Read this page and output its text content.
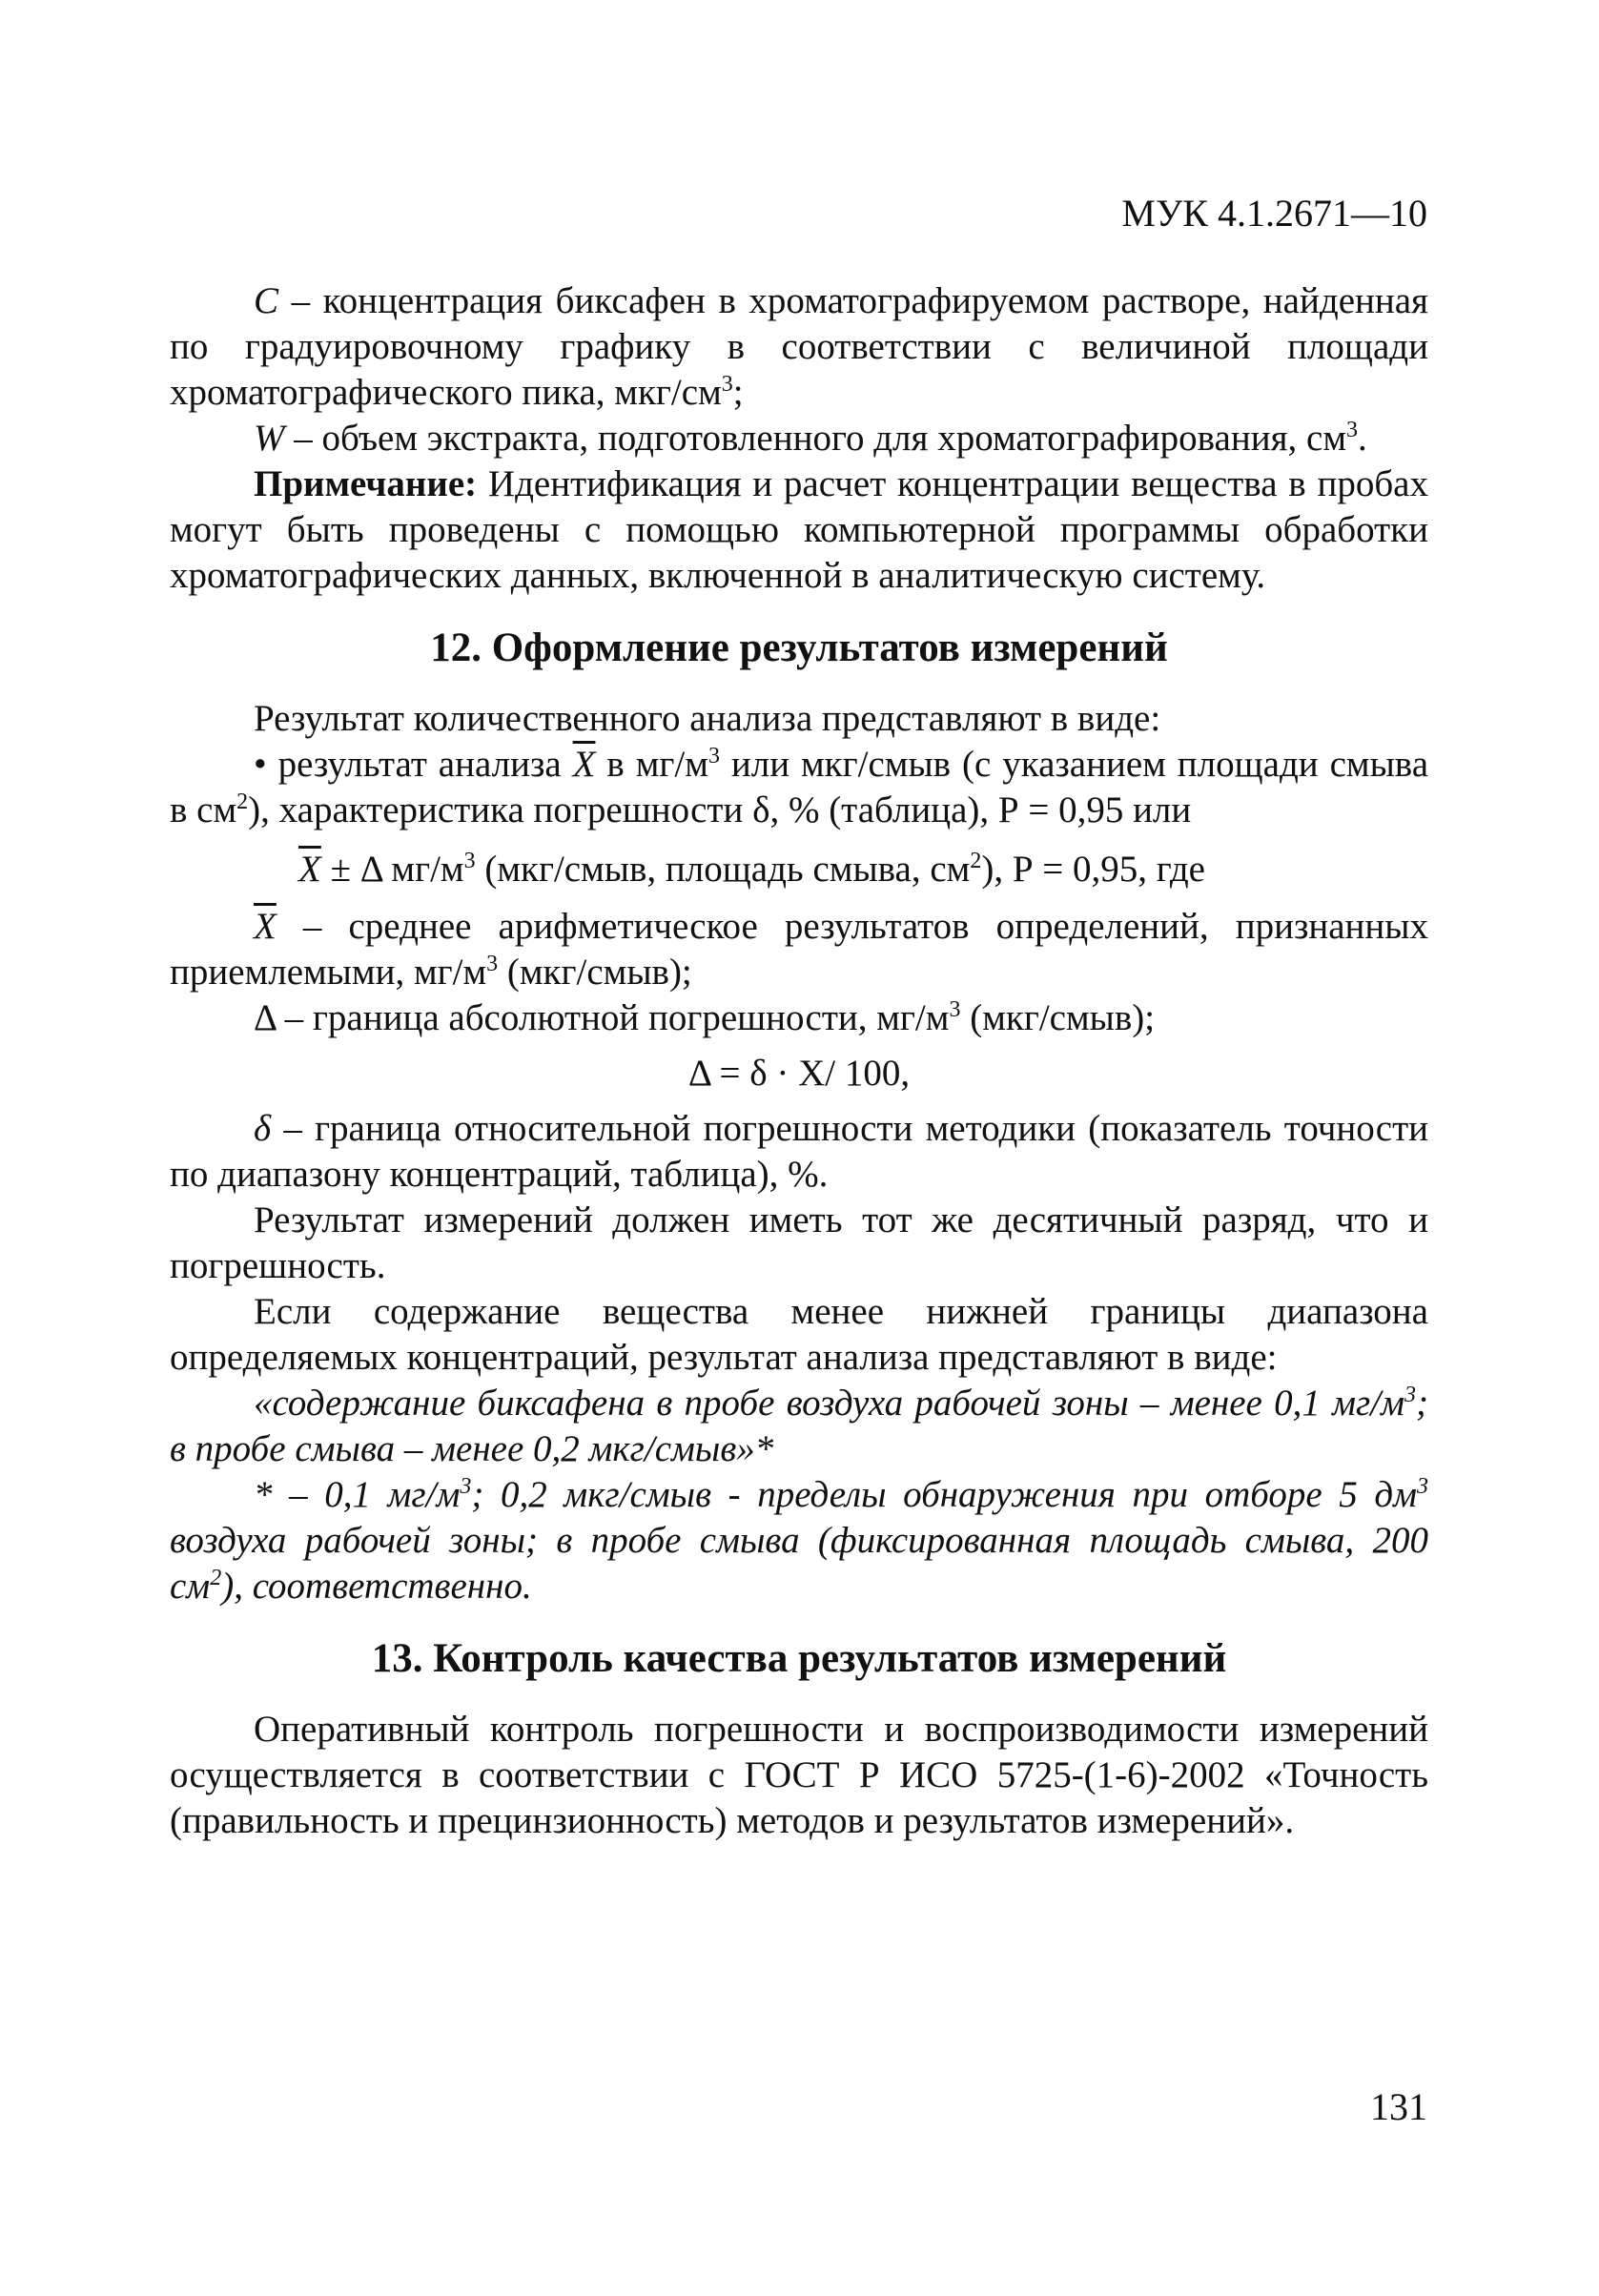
МУК 4.1.2671—10

C – концентрация биксафен в хроматографируемом растворе, найденная по градуировочному графику в соответствии с величиной площади хроматографического пика, мкг/$см^3$;

W – объем экстракта, подготовленного для хроматографирования, $см^3$.

Примечание: Идентификация и расчет концентрации вещества в пробах могут быть проведены с помощью компьютерной программы обработки хроматографических данных, включенной в аналитическую систему.

12. Оформление результатов измерений

Результат количественного анализа представляют в виде:

• результат анализа $\overline{X}$ в $мг/м^3$ или мкг/смыв (с указанием площади смыва в $см^2$), характеристика погрешности δ, % (таблица), Р = 0,95 или

$\overline{X} \pm \Delta$ $мг/м^3$ (мкг/смыв, площадь смыва, $см^2$), Р = 0,95, где

$\overline{X}$ – среднее арифметическое результатов определений, признанных приемлемыми, $мг/м^3$ (мкг/смыв);

Δ – граница абсолютной погрешности, $мг/м^3$ (мкг/смыв);

Δ = δ · X/ 100,

δ – граница относительной погрешности методики (показатель точности по диапазону концентраций, таблица), %.

Результат измерений должен иметь тот же десятичный разряд, что и погрешность.

Если содержание вещества менее нижней границы диапазона определяемых концентраций, результат анализа представляют в виде:

«содержание биксафена в пробе воздуха рабочей зоны – менее 0,1 $мг/м^3$; в пробе смыва – менее 0,2 мкг/смыв»*

* – 0,1 $мг/м^3$; 0,2 мкг/смыв - пределы обнаружения при отборе 5 $дм^3$ воздуха рабочей зоны; в пробе смыва (фиксированная площадь смыва, 200 $см^2$), соответственно.

13. Контроль качества результатов измерений

Оперативный контроль погрешности и воспроизводимости измерений осуществляется в соответствии с ГОСТ Р ИСО 5725-(1-6)-2002 «Точность (правильность и прецинзионность) методов и результатов измерений».

131
